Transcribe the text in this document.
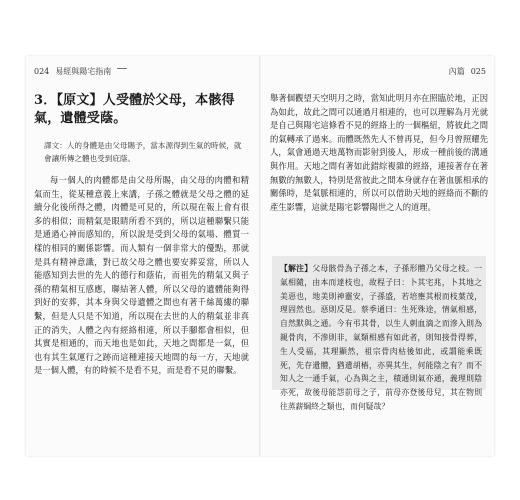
024 易經與陽宅指南	內篇 025
3．【原文】人受體於父母，本骸得氣，遺體受蔭。
譯文：人的身體是由父母賜予，當本源得到生氣的時候，就會讓所傳之體也受到庇蔭。
每一個人的肉體都是由父母所賜，由父母的肉體和精氣而生，從某種意義上來講，子孫之體就是父母之體的延續分化後所得之體，肉體是可見的，所以現在報上會有很多的相似；而精氣是眼睛所看不到的，所以這種聯繫只能是通過心神而感知的，所以說是受到父母的氣場、體質一樣的相同的關係影響。而人類有一個非常大的優點，那就是具有精神意識，對已故父母之體也要安葬妥當，所以人能感知到去世的先人的德行和蔭佑，而祖先的精氣又與子孫的精氣相互感應，聯結著人體，所以父母的遺體能夠得到好的安葬，其本身與父母遺體之間也有著千絲萬縷的聯繫，但是人只是不知道，所以現在去世的人的精氣並非真正的消失，人體之內有經絡相連，所以手腳都會相似，但其實是相通的，而天地也是如此，天地之間都是一氣，但也有其生氣運行之跡而這種連接天地間的每一方，天地就是一個人體，有的時候不是看不見，而是看不見的聯繫。
舉著個觀望天空明月之時，當知此明月亦在照臨於地，正因為如此，故此之間可以通過月相連的，也可以理解為月光就是自己與陽宅這條看不見的經絡上的一個樞紐，將彼此之間的氣轉承了過來。而體既然先人不曾再見，但今月曾照耀先人，氣會通過天地萬物而影射到後人，形成一種前後的溝通與作用。天地之間有著如此錯綜複雜的經絡，連接著存在著無數的無數人，特別是當彼此之間本身就存在著血脈相承的關係時，是氣脈相連的，所以可以借助天地的經絡而不斷的產生影響，這就是陽宅影響陽世之人的道理。
【解注】父母骸骨為子孫之本，子孫形體乃父母之枝。一氣相隨，由本而達枝也，故程子曰：卜其宅兆，卜其地之美惡也，地美則神靈安，子孫盛，若培壅其根而枝葉茂，理固然也。惡則反是。蔡季通曰：生死殊途，情氣相感，自然默與之通。今有弔其骨，以生人刺血滴之而滲入則為親骨肉，不滲則非，氣類相感有如此者，則知接骨得葬，生人受福，其理顯然，祖宗骨肉枯後如此，或謂能乘既死，先存遺體，猶遺胡樁，亦異其生，何能陰之有？而不知人之一通手氣，心為與之主，積通則氣亦通，義理則陰亦死，故後母能怨前母之子，前母亦登後母兒，其在物則往蒸薪綱終之類也，而何疑哉？
